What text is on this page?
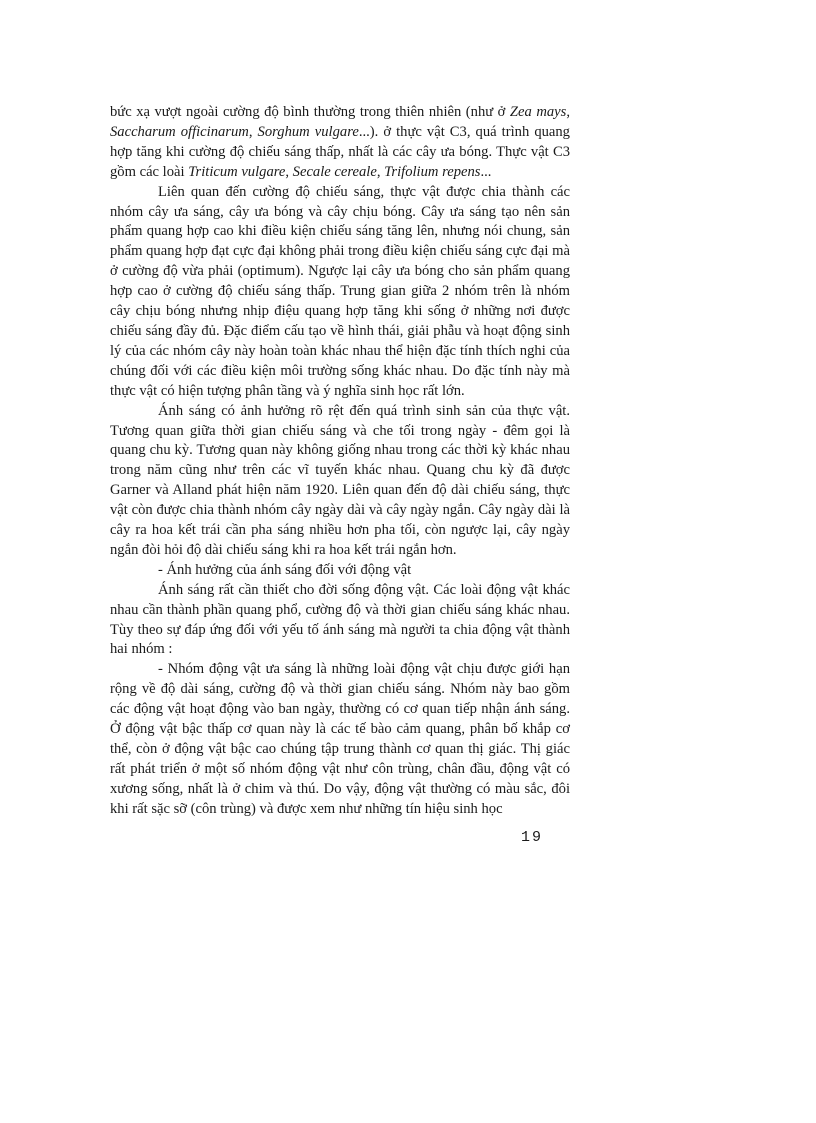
bức xạ vượt ngoài cường độ bình thường trong thiên nhiên (như ở Zea mays, Saccharum officinarum, Sorghum vulgare...). ở thực vật C3, quá trình quang hợp tăng khi cường độ chiếu sáng thấp, nhất là các cây ưa bóng. Thực vật C3 gồm các loài Triticum vulgare, Secale cereale, Trifolium repens...

Liên quan đến cường độ chiếu sáng, thực vật được chia thành các nhóm cây ưa sáng, cây ưa bóng và cây chịu bóng. Cây ưa sáng tạo nên sản phẩm quang hợp cao khi điều kiện chiếu sáng tăng lên, nhưng nói chung, sản phẩm quang hợp đạt cực đại không phải trong điều kiện chiếu sáng cực đại mà ở cường độ vừa phải (optimum). Ngược lại cây ưa bóng cho sản phẩm quang hợp cao ở cường độ chiếu sáng thấp. Trung gian giữa 2 nhóm trên là nhóm cây chịu bóng nhưng nhịp điệu quang hợp tăng khi sống ở những nơi được chiếu sáng đầy đủ. Đặc điểm cấu tạo về hình thái, giải phẫu và hoạt động sinh lý của các nhóm cây này hoàn toàn khác nhau thể hiện đặc tính thích nghi của chúng đối với các điều kiện môi trường sống khác nhau. Do đặc tính này mà thực vật có hiện tượng phân tầng và ý nghĩa sinh học rất lớn.

Ánh sáng có ảnh hưởng rõ rệt đến quá trình sinh sản của thực vật. Tương quan giữa thời gian chiếu sáng và che tối trong ngày - đêm gọi là quang chu kỳ. Tương quan này không giống nhau trong các thời kỳ khác nhau trong năm cũng như trên các vĩ tuyến khác nhau. Quang chu kỳ đã được Garner và Alland phát hiện năm 1920. Liên quan đến độ dài chiếu sáng, thực vật còn được chia thành nhóm cây ngày dài và cây ngày ngắn. Cây ngày dài là cây ra hoa kết trái cần pha sáng nhiều hơn pha tối, còn ngược lại, cây ngày ngắn đòi hỏi độ dài chiếu sáng khi ra hoa kết trái ngắn hơn.

- Ánh hưởng của ánh sáng đối với động vật

Ánh sáng rất cần thiết cho đời sống động vật. Các loài động vật khác nhau cần thành phần quang phổ, cường độ và thời gian chiếu sáng khác nhau. Tùy theo sự đáp ứng đối với yếu tố ánh sáng mà người ta chia động vật thành hai nhóm :

- Nhóm động vật ưa sáng là những loài động vật chịu được giới hạn rộng về độ dài sáng, cường độ và thời gian chiếu sáng. Nhóm này bao gồm các động vật hoạt động vào ban ngày, thường có cơ quan tiếp nhận ánh sáng. Ở động vật bậc thấp cơ quan này là các tế bào cảm quang, phân bố khắp cơ thể, còn ở động vật bậc cao chúng tập trung thành cơ quan thị giác. Thị giác rất phát triển ở một số nhóm động vật như côn trùng, chân đầu, động vật có xương sống, nhất là ở chim và thú. Do vậy, động vật thường có màu sắc, đôi khi rất sặc sỡ (côn trùng) và được xem như những tín hiệu sinh học

19
